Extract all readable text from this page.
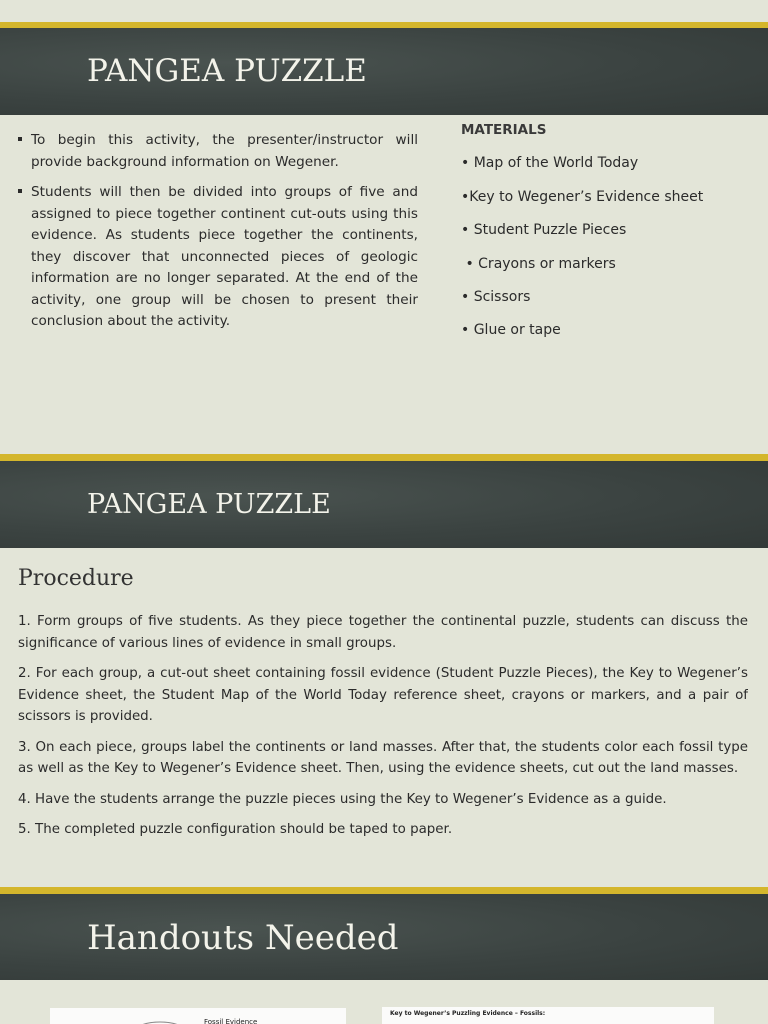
PANGEA PUZZLE
To begin this activity, the presenter/instructor will provide background information on Wegener.
Students will then be divided into groups of five and assigned to piece together continent cut-outs using this evidence. As students piece together the continents, they discover that unconnected pieces of geologic information are no longer separated. At the end of the activity, one group will be chosen to present their conclusion about the activity.
MATERIALS
• Map of the World Today
•Key to Wegener’s Evidence sheet
• Student Puzzle Pieces
• Crayons or markers
• Scissors
• Glue or tape
PANGEA PUZZLE
Procedure

1. Form groups of five students. As they piece together the continental puzzle, students can discuss the significance of various lines of evidence in small groups.

2. For each group, a cut-out sheet containing fossil evidence (Student Puzzle Pieces), the Key to Wegener’s Evidence sheet, the Student Map of the World Today reference sheet, crayons or markers, and a pair of scissors is provided.

3. On each piece, groups label the continents or land masses. After that, the students color each fossil type as well as the Key to Wegener’s Evidence sheet. Then, using the evidence sheets, cut out the land masses.

4. Have the students arrange the puzzle pieces using the Key to Wegener’s Evidence as a guide.

5. The completed puzzle configuration should be taped to paper.

Handouts Needed
Fossil Evidence
Key to Wegener’s Puzzling Evidence – Fossils:
